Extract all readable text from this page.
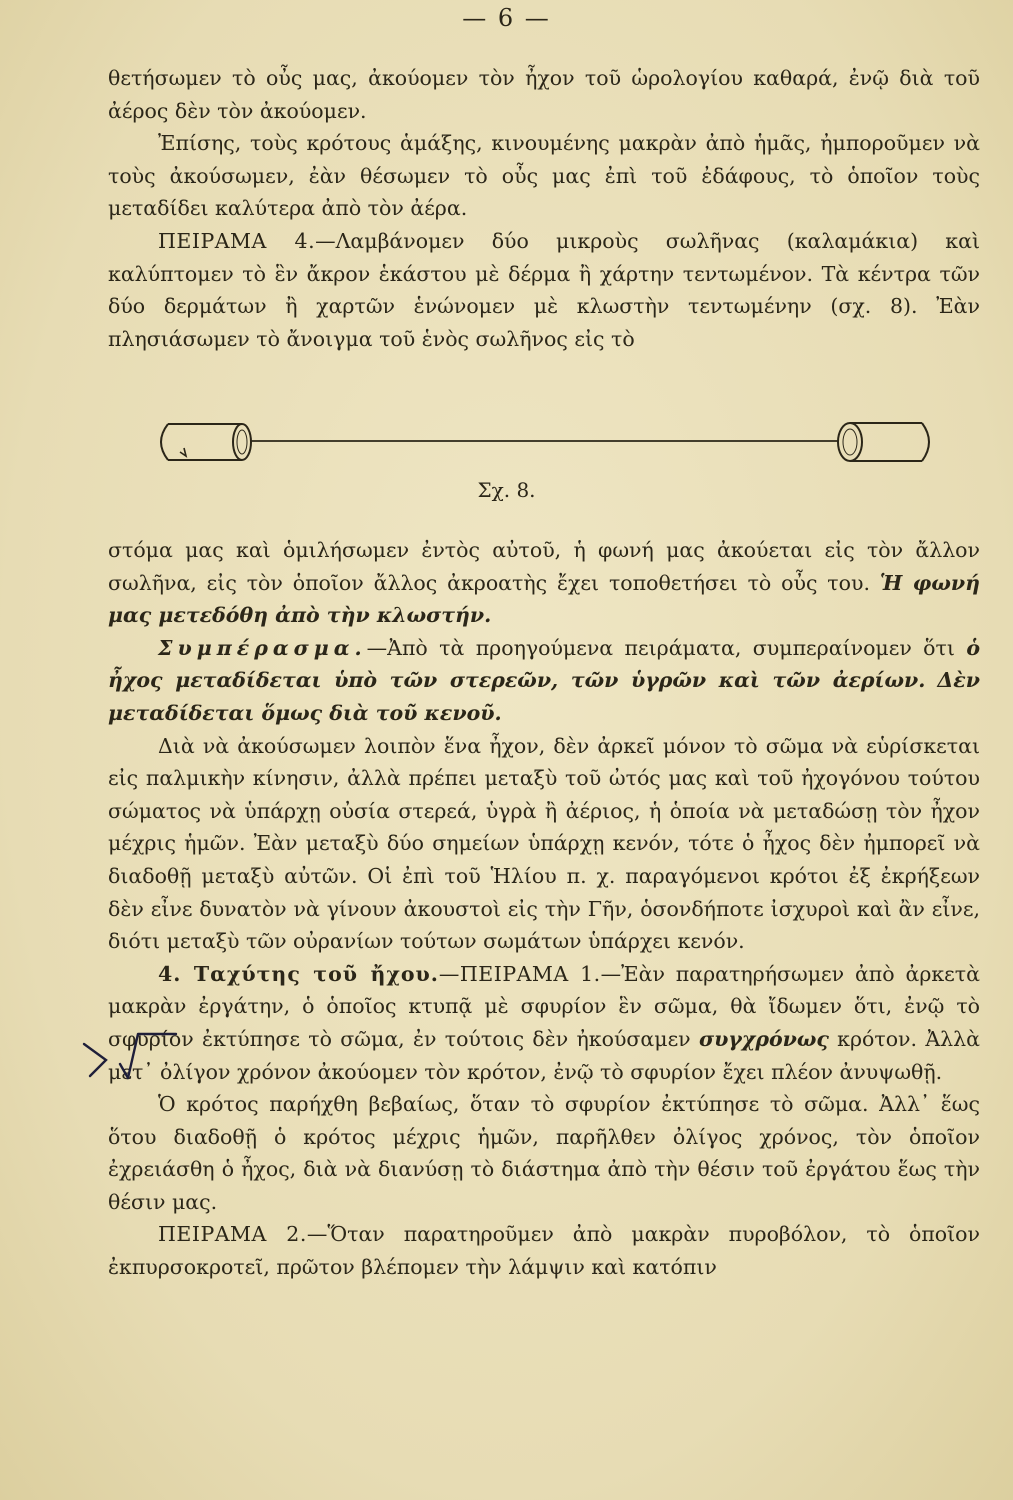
— 6 —

θετήσωμεν τὸ οὖς μας, ἀκούομεν τὸν ἦχον τοῦ ὡρολογίου καθαρά, ἐνῷ διὰ τοῦ ἀέρος δὲν τὸν ἀκούομεν.

Ἐπίσης, τοὺς κρότους ἁμάξης, κινουμένης μακρὰν ἀπὸ ἡμᾶς, ἠμποροῦμεν νὰ τοὺς ἀκούσωμεν, ἐὰν θέσωμεν τὸ οὖς μας ἐπὶ τοῦ ἐδάφους, τὸ ὁποῖον τοὺς μεταδίδει καλύτερα ἀπὸ τὸν ἀέρα.

ΠΕΙΡΑΜΑ 4.—Λαμβάνομεν δύο μικροὺς σωλῆνας (καλαμάκια) καὶ καλύπτομεν τὸ ἓν ἄκρον ἑκάστου μὲ δέρμα ἢ χάρτην τεντωμένον. Τὰ κέντρα τῶν δύο δερμάτων ἢ χαρτῶν ἑνώνομεν μὲ κλωστὴν τεντωμένην (σχ. 8). Ἐὰν πλησιάσωμεν τὸ ἄνοιγμα τοῦ ἑνὸς σωλῆνος εἰς τὸ

Σχ. 8.

στόμα μας καὶ ὁμιλήσωμεν ἐντὸς αὐτοῦ, ἡ φωνή μας ἀκούεται εἰς τὸν ἄλλον σωλῆνα, εἰς τὸν ὁποῖον ἄλλος ἀκροατὴς ἔχει τοποθετήσει τὸ οὖς του. Ἡ φωνή μας μετεδόθη ἀπὸ τὴν κλωστήν.

Συμπέρασμα.—Ἀπὸ τὰ προηγούμενα πειράματα, συμπεραίνομεν ὅτι ὁ ἦχος μεταδίδεται ὑπὸ τῶν στερεῶν, τῶν ὑγρῶν καὶ τῶν ἀερίων. Δὲν μεταδίδεται ὅμως διὰ τοῦ κενοῦ.

Διὰ νὰ ἀκούσωμεν λοιπὸν ἕνα ἦχον, δὲν ἀρκεῖ μόνον τὸ σῶμα νὰ εὑρίσκεται εἰς παλμικὴν κίνησιν, ἀλλὰ πρέπει μεταξὺ τοῦ ὠτός μας καὶ τοῦ ἠχογόνου τούτου σώματος νὰ ὑπάρχῃ οὐσία στερεά, ὑγρὰ ἢ ἀέριος, ἡ ὁποία νὰ μεταδώσῃ τὸν ἦχον μέχρις ἡμῶν. Ἐὰν μεταξὺ δύο σημείων ὑπάρχῃ κενόν, τότε ὁ ἦχος δὲν ἠμπορεῖ νὰ διαδοθῇ μεταξὺ αὐτῶν. Οἱ ἐπὶ τοῦ Ἡλίου π. χ. παραγόμενοι κρότοι ἐξ ἐκρήξεων δὲν εἶνε δυνατὸν νὰ γίνουν ἀκουστοὶ εἰς τὴν Γῆν, ὁσονδήποτε ἰσχυροὶ καὶ ἂν εἶνε, διότι μεταξὺ τῶν οὐρανίων τούτων σωμάτων ὑπάρχει κενόν.

4. Ταχύτης τοῦ ἤχου.—ΠΕΙΡΑΜΑ 1.—Ἐὰν παρατηρήσωμεν ἀπὸ ἀρκετὰ μακρὰν ἐργάτην, ὁ ὁποῖος κτυπᾷ μὲ σφυρίον ἓν σῶμα, θὰ ἴδωμεν ὅτι, ἐνῷ τὸ σφυρίον ἐκτύπησε τὸ σῶμα, ἐν τούτοις δὲν ἠκούσαμεν συγχρόνως κρότον. Ἀλλὰ μετ᾽ ὀλίγον χρόνον ἀκούομεν τὸν κρότον, ἐνῷ τὸ σφυρίον ἔχει πλέον ἀνυψωθῇ.

Ὁ κρότος παρήχθη βεβαίως, ὅταν τὸ σφυρίον ἐκτύπησε τὸ σῶμα. Ἀλλ᾽ ἕως ὅτου διαδοθῇ ὁ κρότος μέχρις ἡμῶν, παρῆλθεν ὀλίγος χρόνος, τὸν ὁποῖον ἐχρειάσθη ὁ ἦχος, διὰ νὰ διανύσῃ τὸ διάστημα ἀπὸ τὴν θέσιν τοῦ ἐργάτου ἕως τὴν θέσιν μας.

ΠΕΙΡΑΜΑ 2.—Ὅταν παρατηροῦμεν ἀπὸ μακρὰν πυροβόλον, τὸ ὁποῖον ἐκπυρσοκροτεῖ, πρῶτον βλέπομεν τὴν λάμψιν καὶ κατόπιν
